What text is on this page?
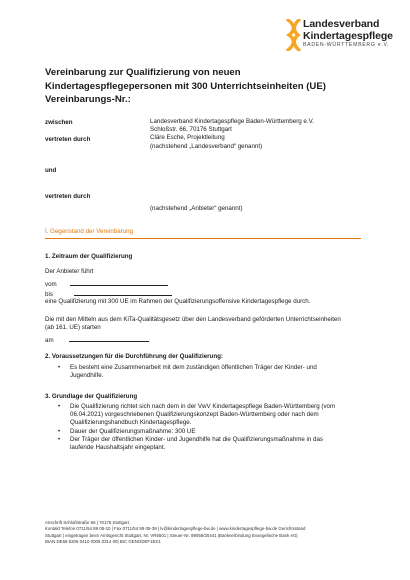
Landesverband
Kindertagespflege
BADEN-WÜRTTEMBERG e.V.
Vereinbarung zur Qualifizierung von neuen
Kindertagespflegepersonen mit 300 Unterrichtseinheiten (UE)
Vereinbarungs-Nr.:
zwischen	Landesverband Kindertagespflege Baden-Württemberg e.V.
Schloßstr. 66, 70176 Stuttgart
Cläre Esche, Projektleitung
(nachstehend „Landesverband“ genannt)
vertreten durch
und
vertreten durch
(nachstehend „Anbieter“ genannt)
I. Gegenstand der Vereinbarung
1. Zeitraum der Qualifizierung
Der Anbieter führt
vom
bis
eine Qualifizierung mit 300 UE im Rahmen der Qualifizierungsoffensive Kindertagespflege durch.
Die mit den Mitteln aus dem KiTa-Qualitätsgesetz über den Landesverband geförderten Unterrichtseinheiten
(ab 161. UE) starten
am
2. Voraussetzungen für die Durchführung der Qualifizierung:
• Es besteht eine Zusammenarbeit mit dem zuständigen öffentlichen Träger der Kinder- und
Jugendhilfe.
3. Grundlage der Qualifizierung
• Die Qualifizierung richtet sich nach dem in der VwV Kindertagespflege Baden-Württemberg (vom
06.04.2021) vorgeschriebenen Qualifizierungskonzept Baden-Württemberg oder nach dem
Qualifizierungshandbuch Kindertagespflege.
• Dauer der Qualifizierungsmaßnahme: 300 UE
• Der Träger der öffentlichen Kinder- und Jugendhilfe hat die Qualifizierungsmaßnahme in das
laufende Haushaltsjahr eingeplant.
Anschrift Schloßstraße 66 | 70176 Stuttgart
Kontakt Telefon 0711/54 89 05-10 | Fax 0711/54 89 05-39 | lv@kindertagespflege-bw.de | www.kindertagespflege-bw.de Gerichtsstand
Stuttgart | eingetragen beim Amtsgericht Stuttgart, Nr. VR6501 | Steuer-Nr. 99058/20441 |Bankverbindung Evangelische Bank eG|
IBAN DE59 5206 0410 0005 0314 00| BIC GENODEF1EK1
